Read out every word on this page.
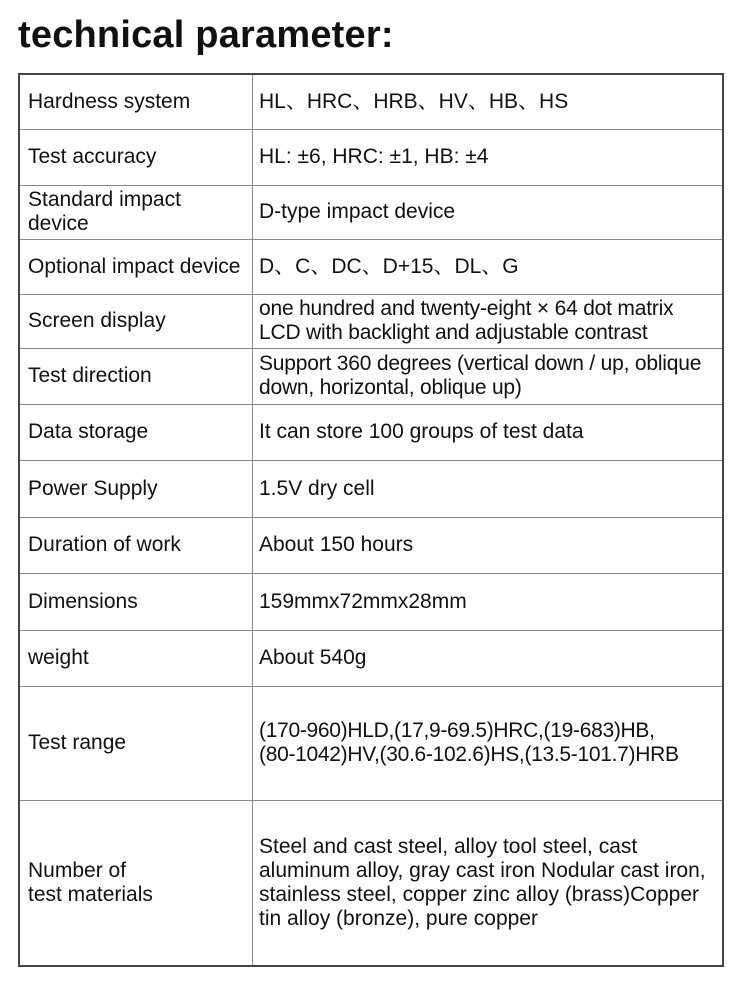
technical parameter:
Hardness system	HL、HRC、HRB、HV、HB、HS
Test accuracy	HL: ±6, HRC: ±1, HB: ±4
Standard impact device	D-type impact device
Optional impact device	D、C、DC、D+15、DL、G
Screen display	one hundred and twenty-eight × 64 dot matrix LCD with backlight and adjustable contrast
Test direction	Support 360 degrees (vertical down / up, oblique down, horizontal, oblique up)
Data storage	It can store 100 groups of test data
Power Supply	1.5V dry cell
Duration of work	About 150 hours
Dimensions	159mmx72mmx28mm
weight	About 540g
Test range	(170-960)HLD,(17,9-69.5)HRC,(19-683)HB,
(80-1042)HV,(30.6-102.6)HS,(13.5-101.7)HRB

Number of
test materials	Steel and cast steel, alloy tool steel, cast aluminum alloy, gray cast iron Nodular cast iron, stainless steel, copper zinc alloy (brass)Copper tin alloy (bronze), pure copper
